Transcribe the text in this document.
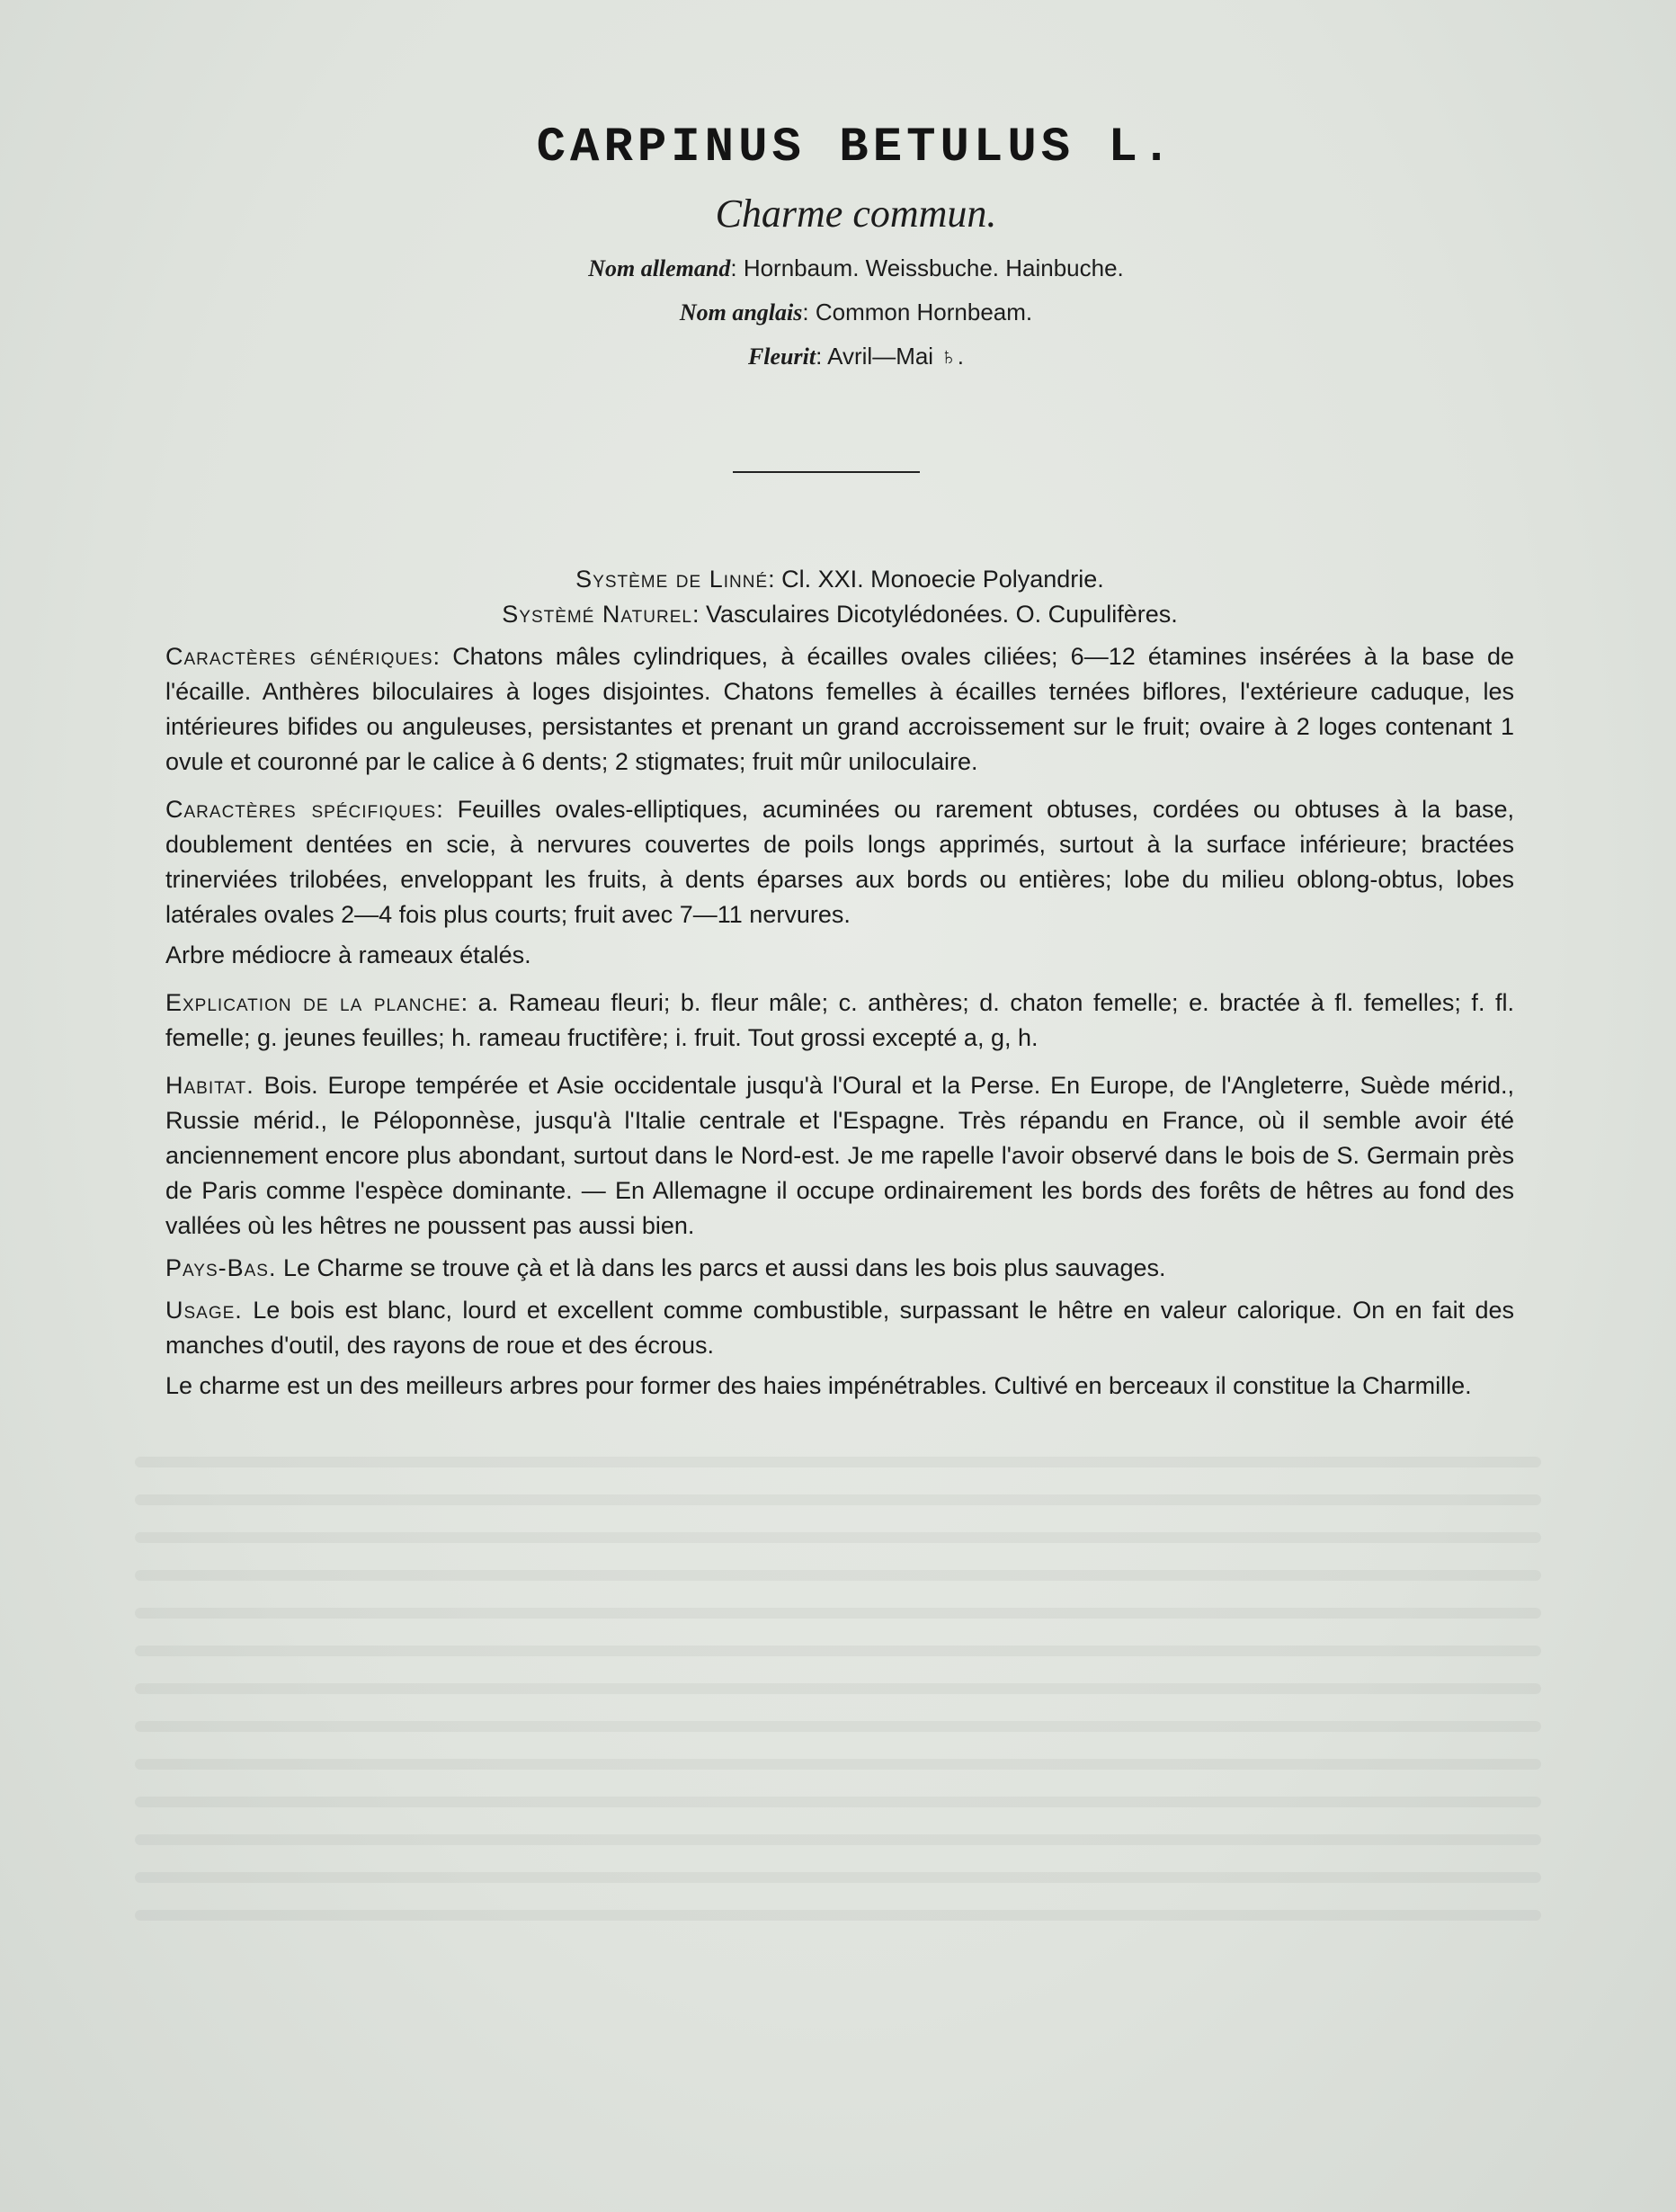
CARPINUS BETULUS L.
Charme commun.
Nom allemand: Hornbaum. Weissbuche. Hainbuche.
Nom anglais: Common Hornbeam.
Fleurit: Avril—Mai ♄.

Système de Linné: Cl. XXI. Monoecie Polyandrie.

Systèmé Naturel: Vasculaires Dicotylédonées. O. Cupulifères.

Caractères génériques: Chatons mâles cylindriques, à écailles ovales ciliées; 6—12 étamines insérées à la base de l'écaille. Anthères biloculaires à loges disjointes. Chatons femelles à écailles ternées biflores, l'extérieure caduque, les intérieures bifides ou anguleuses, persistantes et prenant un grand accroissement sur le fruit; ovaire à 2 loges contenant 1 ovule et couronné par le calice à 6 dents; 2 stigmates; fruit mûr uniloculaire.

Caractères spécifiques: Feuilles ovales-elliptiques, acuminées ou rarement obtuses, cordées ou obtuses à la base, doublement dentées en scie, à nervures couvertes de poils longs apprimés, surtout à la surface inférieure; bractées trinerviées trilobées, enveloppant les fruits, à dents éparses aux bords ou entières; lobe du milieu oblong-obtus, lobes latérales ovales 2—4 fois plus courts; fruit avec 7—11 nervures.

Arbre médiocre à rameaux étalés.

Explication de la planche: a. Rameau fleuri; b. fleur mâle; c. anthères; d. chaton femelle; e. bractée à fl. femelles; f. fl. femelle; g. jeunes feuilles; h. rameau fructifère; i. fruit. Tout grossi excepté a, g, h.

Habitat. Bois. Europe tempérée et Asie occidentale jusqu'à l'Oural et la Perse. En Europe, de l'Angleterre, Suède mérid., Russie mérid., le Péloponnèse, jusqu'à l'Italie centrale et l'Espagne. Très répandu en France, où il semble avoir été anciennement encore plus abondant, surtout dans le Nord-est. Je me rapelle l'avoir observé dans le bois de S. Germain près de Paris comme l'espèce dominante. — En Allemagne il occupe ordinairement les bords des forêts de hêtres au fond des vallées où les hêtres ne poussent pas aussi bien.

Pays-Bas. Le Charme se trouve çà et là dans les parcs et aussi dans les bois plus sauvages.

Usage. Le bois est blanc, lourd et excellent comme combustible, surpassant le hêtre en valeur calorique. On en fait des manches d'outil, des rayons de roue et des écrous.

Le charme est un des meilleurs arbres pour former des haies impénétrables. Cultivé en berceaux il constitue la Charmille.
